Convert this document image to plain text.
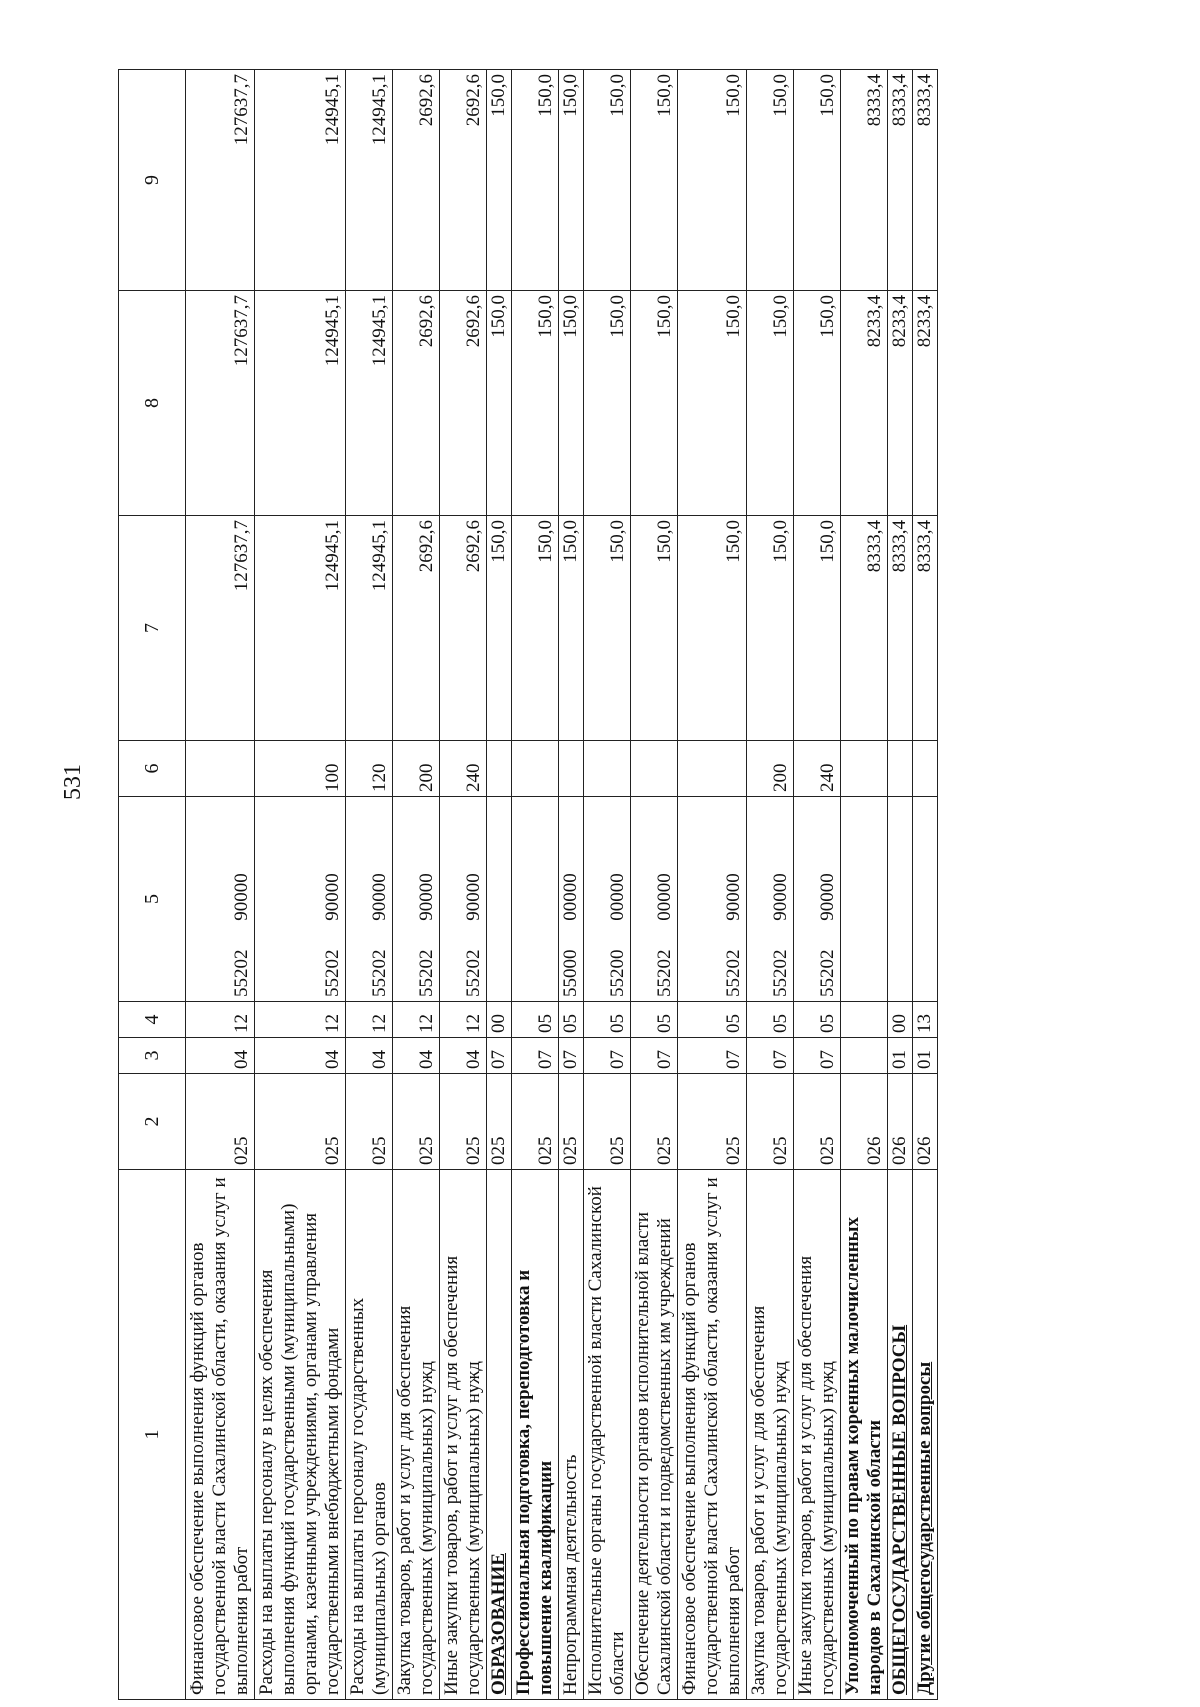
531
1	2	3	4	5	6	7	8	9
Финансовое обеспечение выполнения функций органов государственной власти Сахалинской области, оказания услуг и выполнения работ	025	04	12	55202 90000		127637,7	127637,7	127637,7
Расходы на выплаты персоналу в целях обеспечения выполнения функций государственными (муниципальными) органами, казенными учреждениями, органами управления государственными внебюджетными фондами	025	04	12	55202 90000	100	124945,1	124945,1	124945,1
Расходы на выплаты персоналу государственных (муниципальных) органов	025	04	12	55202 90000	120	124945,1	124945,1	124945,1
Закупка товаров, работ и услуг для обеспечения государственных (муниципальных) нужд	025	04	12	55202 90000	200	2692,6	2692,6	2692,6
Иные закупки товаров, работ и услуг для обеспечения государственных (муниципальных) нужд	025	04	12	55202 90000	240	2692,6	2692,6	2692,6
ОБРАЗОВАНИЕ	025	07	00			150,0	150,0	150,0
Профессиональная подготовка, переподготовка и повышение квалификации	025	07	05			150,0	150,0	150,0
Непрограммная деятельность	025	07	05	55000 00000		150,0	150,0	150,0
Исполнительные органы государственной власти Сахалинской области	025	07	05	55200 00000		150,0	150,0	150,0
Обеспечение деятельности органов исполнительной власти Сахалинской области и подведомственных им учреждений	025	07	05	55202 00000		150,0	150,0	150,0
Финансовое обеспечение выполнения функций органов государственной власти Сахалинской области, оказания услуг и выполнения работ	025	07	05	55202 90000		150,0	150,0	150,0
Закупка товаров, работ и услуг для обеспечения государственных (муниципальных) нужд	025	07	05	55202 90000	200	150,0	150,0	150,0
Иные закупки товаров, работ и услуг для обеспечения государственных (муниципальных) нужд	025	07	05	55202 90000	240	150,0	150,0	150,0
Уполномоченный по правам коренных малочисленных народов в Сахалинской области	026					8333,4	8233,4	8333,4
ОБЩЕГОСУДАРСТВЕННЫЕ ВОПРОСЫ	026	01	00			8333,4	8233,4	8333,4
Другие общегосударственные вопросы	026	01	13			8333,4	8233,4	8333,4
